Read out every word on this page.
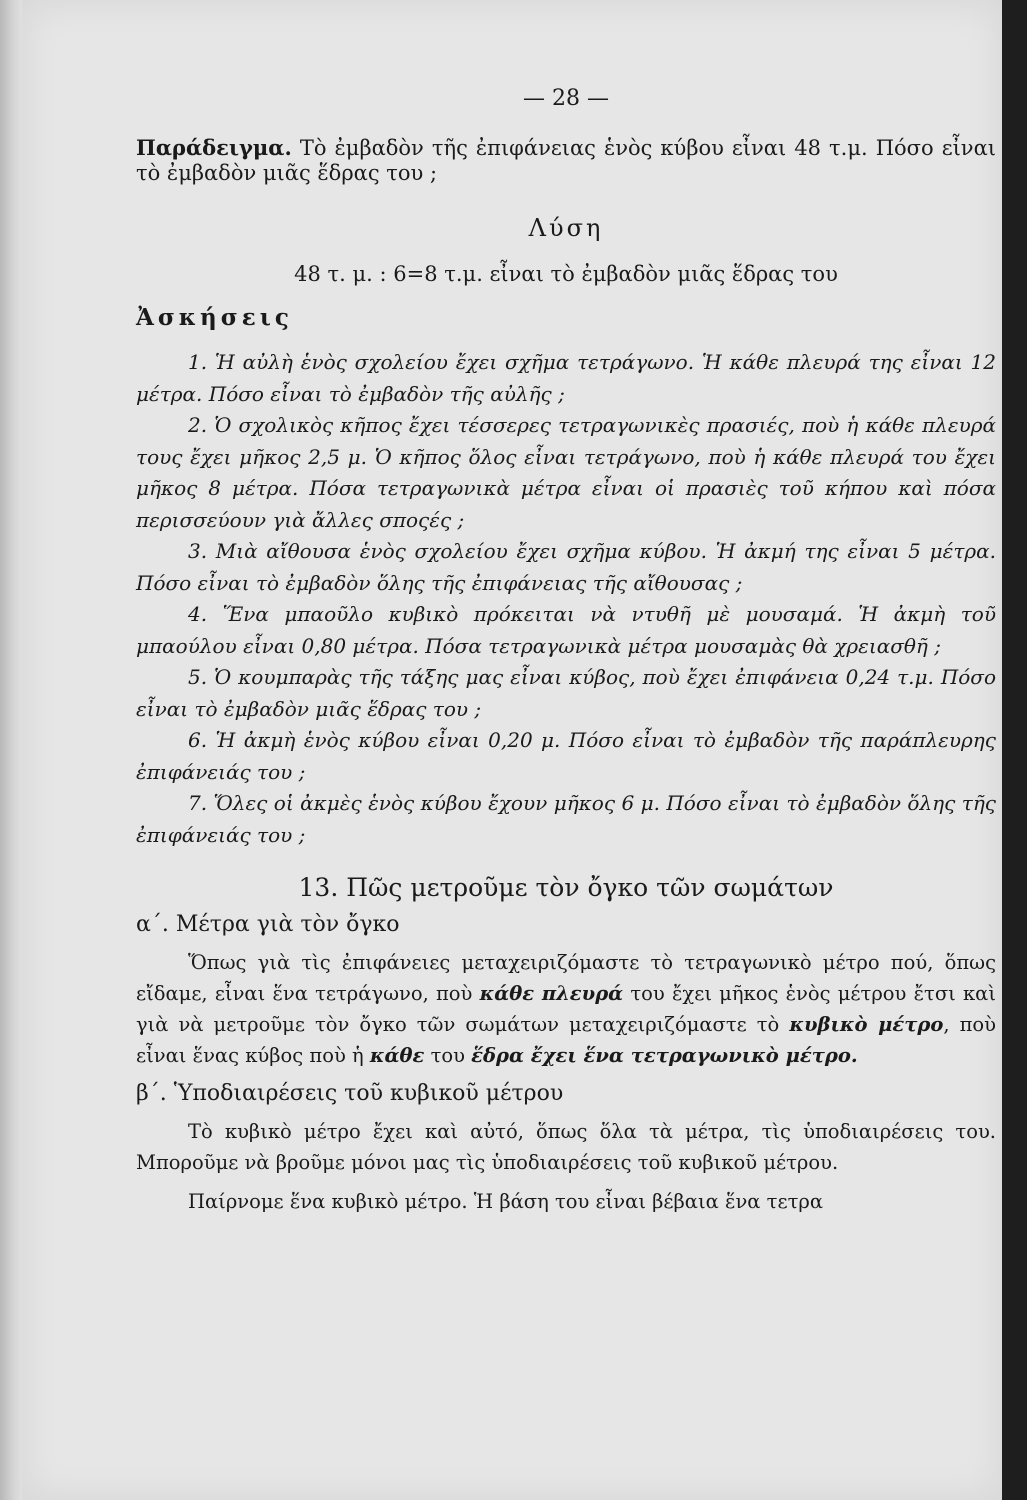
— 28 —

Παράδειγμα. Τὸ ἐμβαδὸν τῆς ἐπιφάνειας ἑνὸς κύβου εἶναι 48 τ.μ. Πόσο εἶναι τὸ ἐμβαδὸν μιᾶς ἕδρας του ;

Λύση

48 τ. μ. : 6=8 τ.μ. εἶναι τὸ ἐμβαδὸν μιᾶς ἕδρας του

Ἀσκήσεις

1. Ἡ αὐλὴ ἑνὸς σχολείου ἔχει σχῆμα τετράγωνο. Ἡ κάθε πλευρά της εἶναι 12 μέτρα. Πόσο εἶναι τὸ ἐμβαδὸν τῆς αὐλῆς ;
2. Ὁ σχολικὸς κῆπος ἔχει τέσσερες τετραγωνικὲς πρασιές, ποὺ ἡ κάθε πλευρά τους ἔχει μῆκος 2,5 μ. Ὁ κῆπος ὅλος εἶναι τετράγωνο, ποὺ ἡ κάθε πλευρά του ἔχει μῆκος 8 μέτρα. Πόσα τετραγωνικὰ μέτρα εἶναι οἱ πρασιὲς τοῦ κήπου καὶ πόσα περισσεύουν γιὰ ἄλλες σποςές ;
3. Μιὰ αἴθουσα ἑνὸς σχολείου ἔχει σχῆμα κύβου. Ἡ ἀκμή της εἶναι 5 μέτρα. Πόσο εἶναι τὸ ἐμβαδὸν ὅλης τῆς ἐπιφάνειας τῆς αἴθουσας ;
4. Ἕνα μπαοῦλο κυβικὸ πρόκειται νὰ ντυθῆ μὲ μουσαμά. Ἡ ἀκμὴ τοῦ μπαούλου εἶναι 0,80 μέτρα. Πόσα τετραγωνικὰ μέτρα μουσαμὰς θὰ χρειασθῆ ;
5. Ὁ κουμπαρὰς τῆς τάξης μας εἶναι κύβος, ποὺ ἔχει ἐπιφάνεια 0,24 τ.μ. Πόσο εἶναι τὸ ἐμβαδὸν μιᾶς ἕδρας του ;
6. Ἡ ἀκμὴ ἑνὸς κύβου εἶναι 0,20 μ. Πόσο εἶναι τὸ ἐμβαδὸν τῆς παράπλευρης ἐπιφάνειάς του ;
7. Ὅλες οἱ ἀκμὲς ἑνὸς κύβου ἔχουν μῆκος 6 μ. Πόσο εἶναι τὸ ἐμβαδὸν ὅλης τῆς ἐπιφάνειάς του ;

13. Πῶς μετροῦμε τὸν ὄγκο τῶν σωμάτων

α΄. Μέτρα γιὰ τὸν ὄγκο

Ὅπως γιὰ τὶς ἐπιφάνειες μεταχειριζόμαστε τὸ τετραγωνικὸ μέτρο πού, ὅπως εἴδαμε, εἶναι ἕνα τετράγωνο, ποὺ κάθε πλευρά του ἔχει μῆκος ἑνὸς μέτρου ἔτσι καὶ γιὰ νὰ μετροῦμε τὸν ὄγκο τῶν σωμάτων μεταχειριζόμαστε τὸ κυβικὸ μέτρο, ποὺ εἶναι ἕνας κύβος ποὺ ἡ κάθε του ἕδρα ἔχει ἕνα τετραγωνικὸ μέτρο.

β΄. Ὑποδιαιρέσεις τοῦ κυβικοῦ μέτρου

Τὸ κυβικὸ μέτρο ἔχει καὶ αὐτό, ὅπως ὅλα τὰ μέτρα, τὶς ὑποδιαιρέσεις του. Μποροῦμε νὰ βροῦμε μόνοι μας τὶς ὑποδιαιρέσεις τοῦ κυβικοῦ μέτρου.

Παίρνομε ἕνα κυβικὸ μέτρο. Ἡ βάση του εἶναι βέβαια ἕνα τετρα
